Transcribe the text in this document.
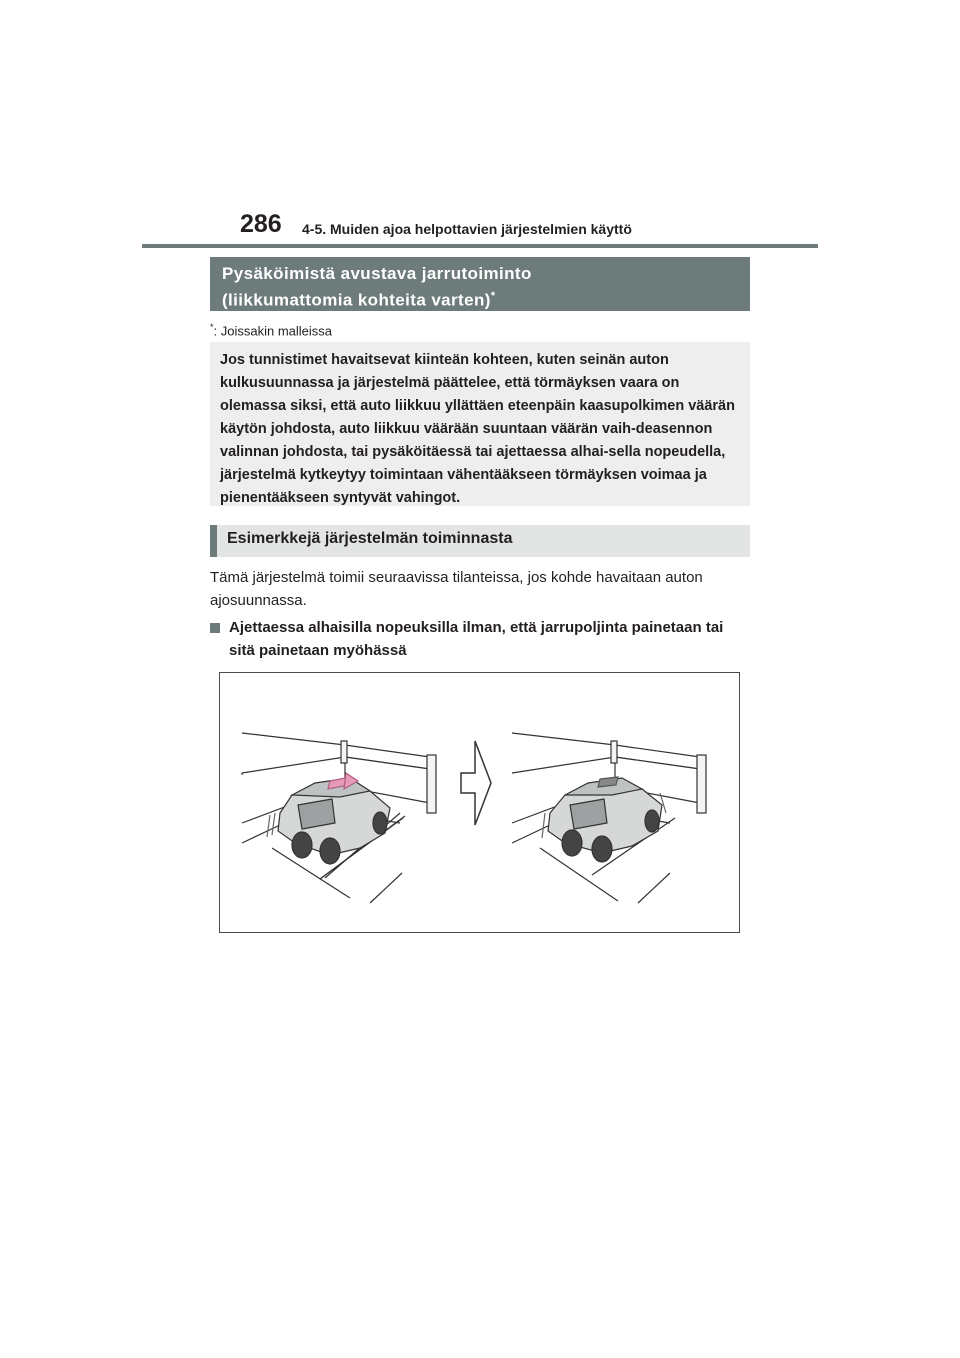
286 4-5. Muiden ajoa helpottavien järjestelmien käyttö
Pysäköimistä avustava jarrutoiminto
(liikkumattomia kohteita varten)*
*: Joissakin malleissa
Jos tunnistimet havaitsevat kiinteän kohteen, kuten seinän auton kulkusuunnassa ja järjestelmä päättelee, että törmäyksen vaara on olemassa siksi, että auto liikkuu yllättäen eteenpäin kaasupolkimen väärän käytön johdosta, auto liikkuu väärään suuntaan väärän vaih-deasennon valinnan johdosta, tai pysäköitäessä tai ajettaessa alhai-sella nopeudella, järjestelmä kytkeytyy toimintaan vähentääkseen törmäyksen voimaa ja pienentääkseen syntyvät vahingot.
Esimerkkejä järjestelmän toiminnasta
Tämä järjestelmä toimii seuraavissa tilanteissa, jos kohde havaitaan auton ajosuunnassa.
Ajettaessa alhaisilla nopeuksilla ilman, että jarrupoljinta painetaan tai sitä painetaan myöhässä
